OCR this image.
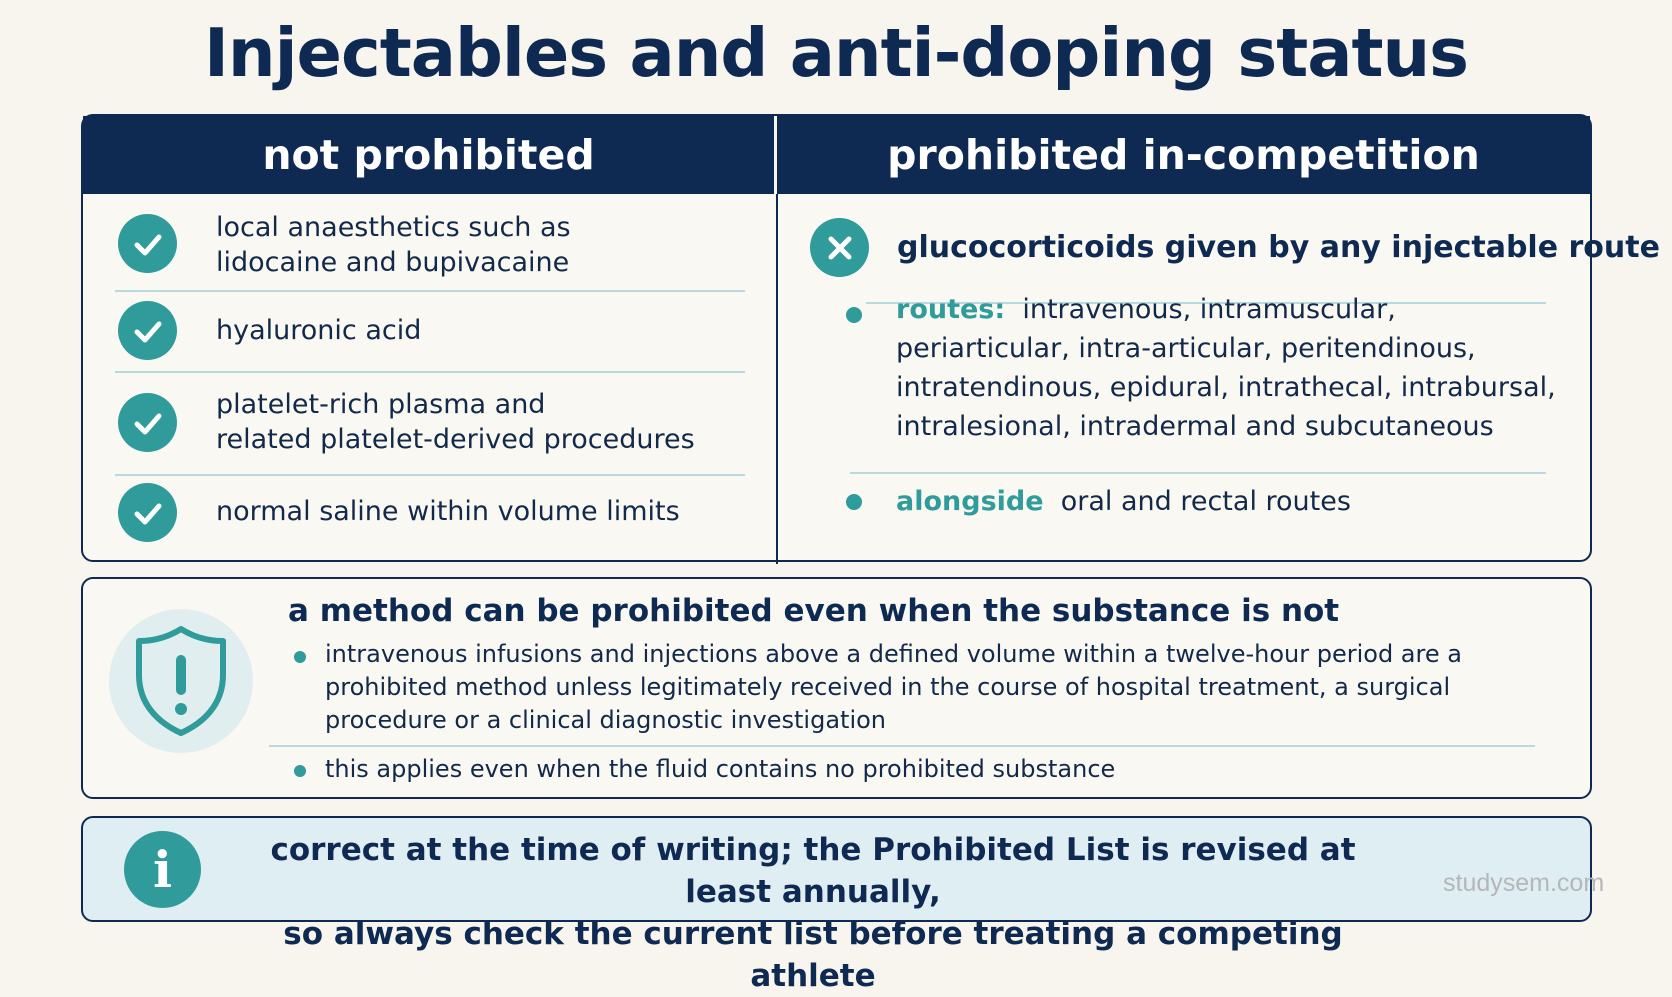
Injectables and anti-doping status
not prohibited	prohibited in-competition
local anaesthetics such as
lidocaine and bupivacaine
hyaluronic acid
platelet-rich plasma and
related platelet-derived procedures
normal saline within volume limits
glucocorticoids given by any injectable route
routes: intravenous, intramuscular, periarticular, intra-articular, peritendinous, intratendinous, epidural, intrathecal, intrabursal, intralesional, intradermal and subcutaneous
alongside oral and rectal routes
a method can be prohibited even when the substance is not
intravenous infusions and injections above a defined volume within a twelve-hour period are a prohibited method unless legitimately received in the course of hospital treatment, a surgical procedure or a clinical diagnostic investigation
this applies even when the fluid contains no prohibited substance
i	correct at the time of writing; the Prohibited List is revised at least annually,
so always check the current list before treating a competing athlete
studysem.com
